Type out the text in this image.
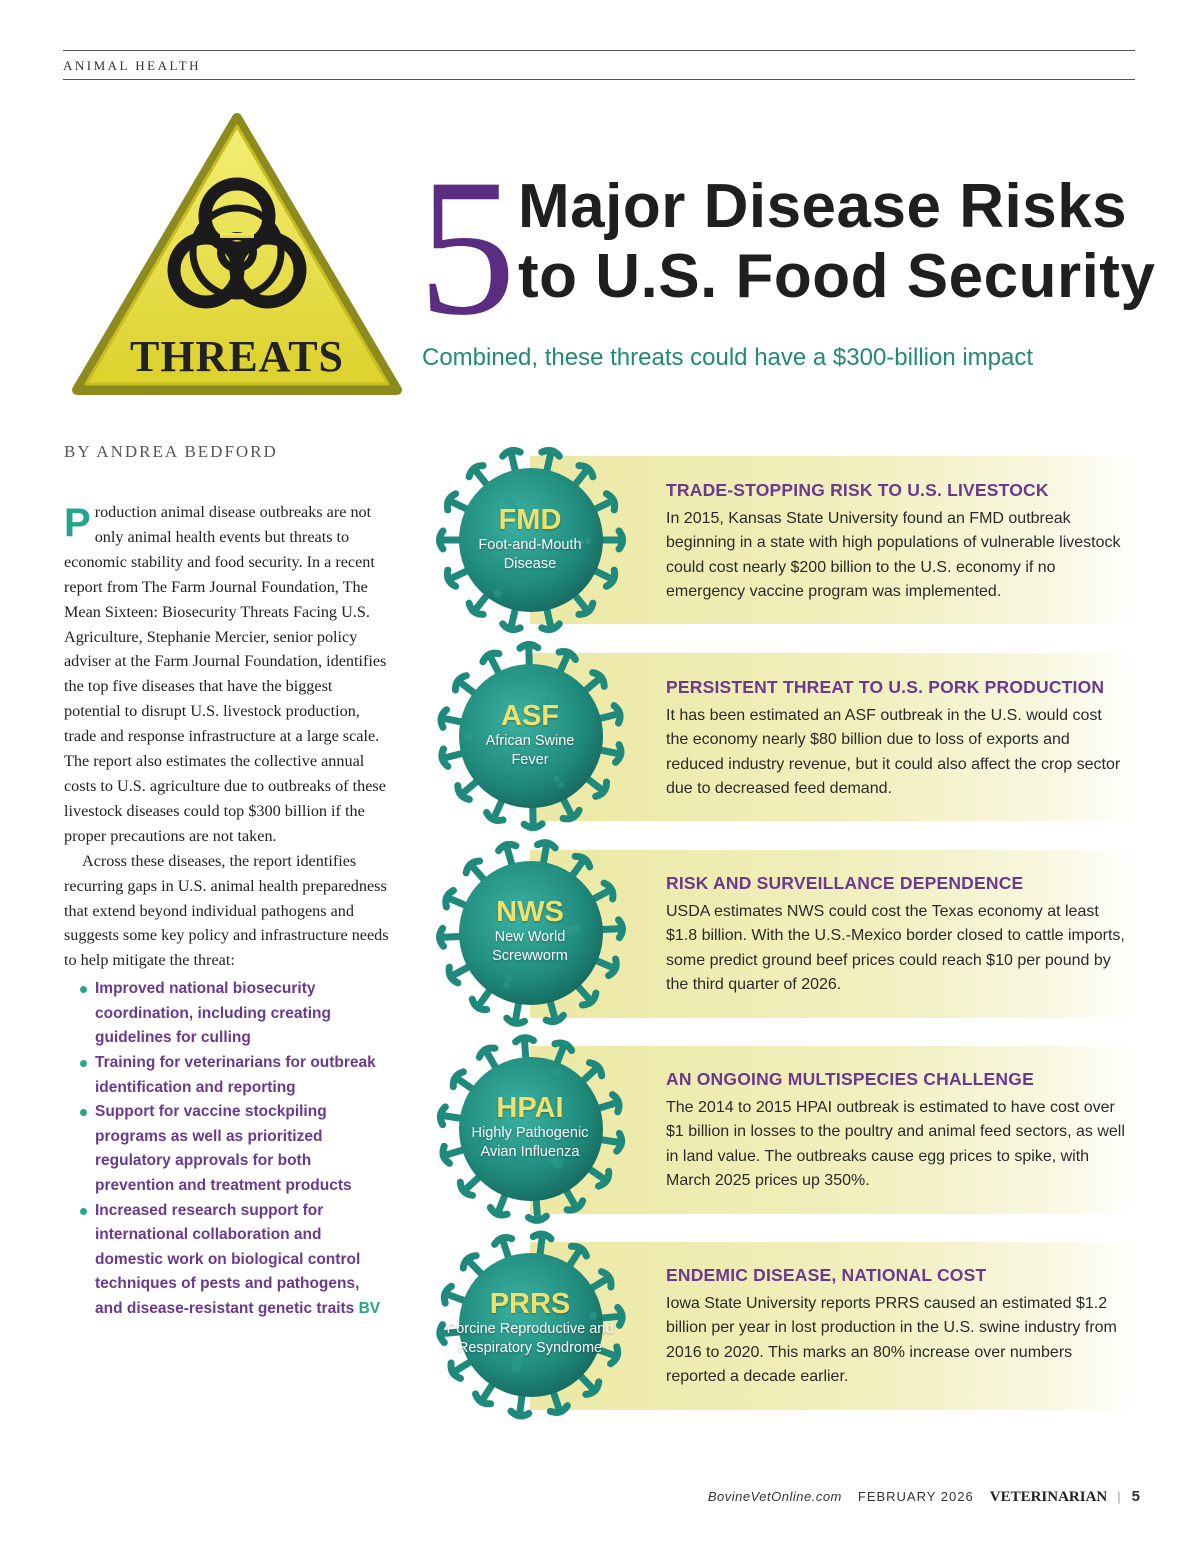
ANIMAL HEALTH
THREATS
5 Major Disease Risks
to U.S. Food Security
Combined, these threats could have a $300-billion impact
BY ANDREA BEDFORD

Production animal disease outbreaks are not only animal health events but threats to economic stability and food security. In a recent report from The Farm Journal Foundation, The Mean Sixteen: Biosecurity Threats Facing U.S. Agriculture, Stephanie Mercier, senior policy adviser at the Farm Journal Foundation, identifies the top five diseases that have the biggest potential to disrupt U.S. livestock production, trade and response infrastructure at a large scale. The report also estimates the collective annual costs to U.S. agriculture due to outbreaks of these livestock diseases could top $300 billion if the proper precautions are not taken.

Across these diseases, the report identifies recurring gaps in U.S. animal health preparedness that extend beyond individual pathogens and suggests some key policy and infrastructure needs to help mitigate the threat:

Improved national biosecurity coordination, including creating guidelines for culling
Training for veterinarians for outbreak identification and reporting
Support for vaccine stockpiling programs as well as prioritized regulatory approvals for both prevention and treatment products
Increased research support for international collaboration and domestic work on biological control techniques of pests and pathogens, and disease-resistant genetic traits BV

TRADE-STOPPING RISK TO U.S. LIVESTOCK

In 2015, Kansas State University found an FMD outbreak beginning in a state with high populations of vulnerable livestock could cost nearly $200 billion to the U.S. economy if no emergency vaccine program was implemented.

PERSISTENT THREAT TO U.S. PORK PRODUCTION

It has been estimated an ASF outbreak in the U.S. would cost the economy nearly $80 billion due to loss of exports and reduced industry revenue, but it could also affect the crop sector due to decreased feed demand.

RISK AND SURVEILLANCE DEPENDENCE

USDA estimates NWS could cost the Texas economy at least $1.8 billion. With the U.S.-Mexico border closed to cattle imports, some predict ground beef prices could reach $10 per pound by the third quarter of 2026.

AN ONGOING MULTISPECIES CHALLENGE

The 2014 to 2015 HPAI outbreak is estimated to have cost over $1 billion in losses to the poultry and animal feed sectors, as well in land value. The outbreaks cause egg prices to spike, with March 2025 prices up 350%.

ENDEMIC DISEASE, NATIONAL COST

Iowa State University reports PRRS caused an estimated $1.2 billion per year in lost production in the U.S. swine industry from 2016 to 2020. This marks an 80% increase over numbers reported a decade earlier.

FMD
Foot-and-Mouth Disease
ASF
African Swine Fever
NWS
New World Screwworm
HPAI
Highly Pathogenic Avian Influenza
PRRS
Porcine Reproductive and Respiratory Syndrome
BovineVetOnline.com FEBRUARY 2026 VETERINARIAN | 5
